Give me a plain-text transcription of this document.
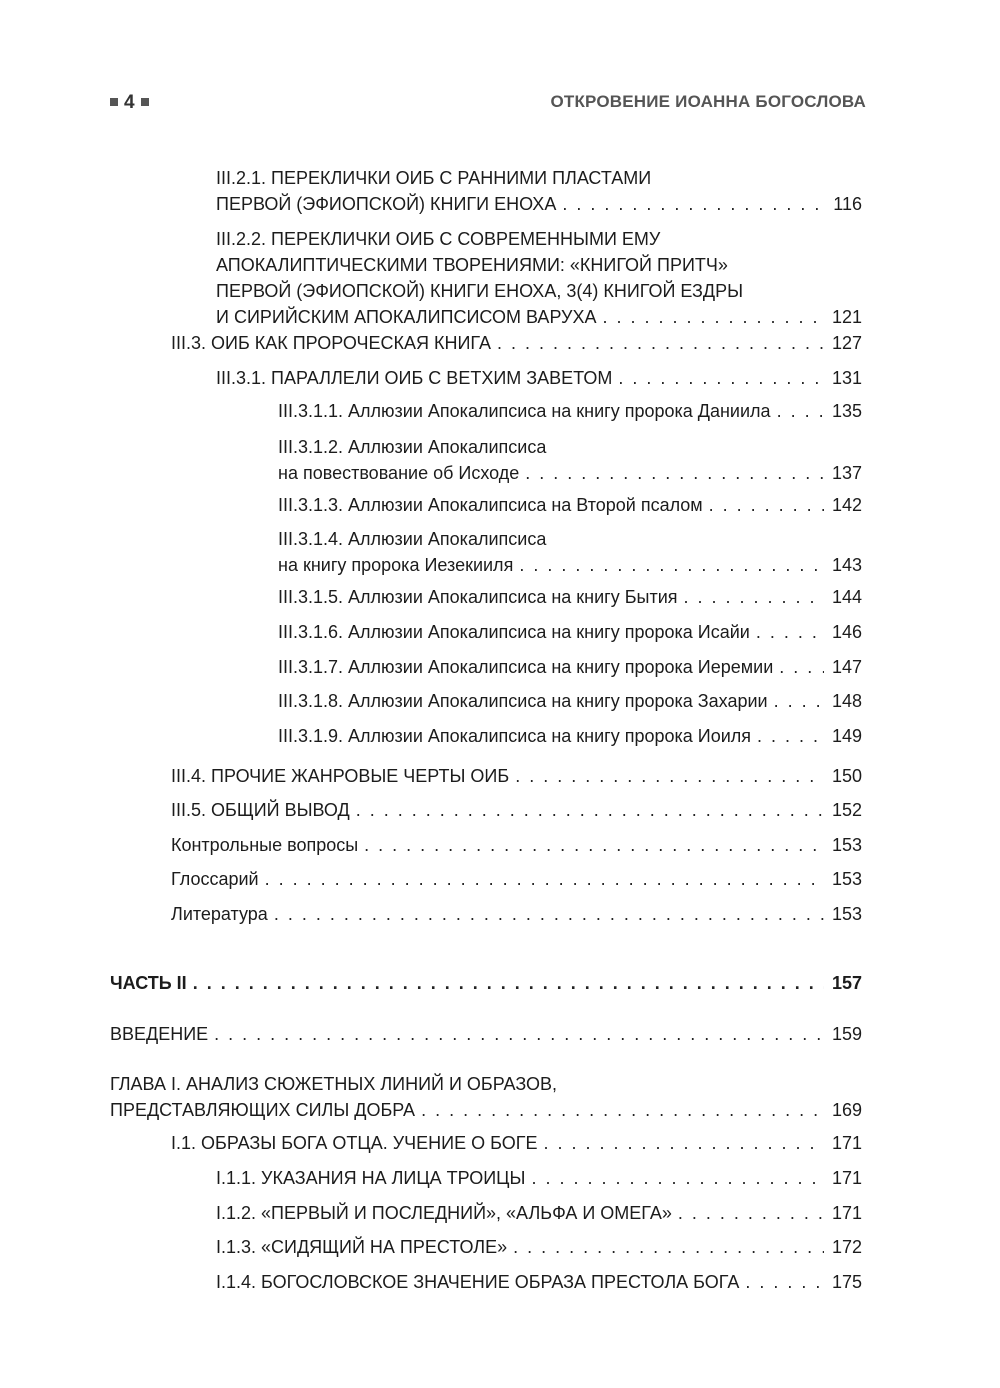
4	ОТКРОВЕНИЕ ИОАННА БОГОСЛОВА
III.2.1. ПЕРЕКЛИЧКИ ОИБ С РАННИМИ ПЛАСТАМИ
ПЕРВОЙ (ЭФИОПСКОЙ) КНИГИ ЕНОХА . . .	116
III.2.2. ПЕРЕКЛИЧКИ ОИБ С СОВРЕМЕННЫМИ ЕМУ
АПОКАЛИПТИЧЕСКИМИ ТВОРЕНИЯМИ: «КНИГОЙ ПРИТЧ»
ПЕРВОЙ (ЭФИОПСКОЙ) КНИГИ ЕНОХА, 3(4) КНИГОЙ ЕЗДРЫ
И СИРИЙСКИМ АПОКАЛИПСИСОМ ВАРУХА . . .	121
III.3. ОИБ КАК ПРОРОЧЕСКАЯ КНИГА . . .	127
III.3.1. ПАРАЛЛЕЛИ ОИБ С ВЕТХИМ ЗАВЕТОМ . . .	131
III.3.1.1. Аллюзии Апокалипсиса на книгу пророка Даниила . . .	135
III.3.1.2. Аллюзии Апокалипсиса
на повествование об Исходе . . .	137
III.3.1.3. Аллюзии Апокалипсиса на Второй псалом . . .	142
III.3.1.4. Аллюзии Апокалипсиса
на книгу пророка Иезекииля . . .	143
III.3.1.5. Аллюзии Апокалипсиса на книгу Бытия . . .	144
III.3.1.6. Аллюзии Апокалипсиса на книгу пророка Исайи . . .	146
III.3.1.7. Аллюзии Апокалипсиса на книгу пророка Иеремии . . .	147
III.3.1.8. Аллюзии Апокалипсиса на книгу пророка Захарии . . .	148
III.3.1.9. Аллюзии Апокалипсиса на книгу пророка Иоиля . . .	149
III.4. ПРОЧИЕ ЖАНРОВЫЕ ЧЕРТЫ ОИБ . . .	150
III.5. ОБЩИЙ ВЫВОД . . .	152
Контрольные вопросы . . .	153
Глоссарий . . .	153
Литература . . .	153
ЧАСТЬ II . . .	157
ВВЕДЕНИЕ . . .	159
ГЛАВА I. АНАЛИЗ СЮЖЕТНЫХ ЛИНИЙ И ОБРАЗОВ,
ПРЕДСТАВЛЯЮЩИХ СИЛЫ ДОБРА . . .	169
I.1. ОБРАЗЫ БОГА ОТЦА. УЧЕНИЕ О БОГЕ . . .	171
I.1.1. УКАЗАНИЯ НА ЛИЦА ТРОИЦЫ . . .	171
I.1.2. «ПЕРВЫЙ И ПОСЛЕДНИЙ», «АЛЬФА И ОМЕГА» . . .	171
I.1.3. «СИДЯЩИЙ НА ПРЕСТОЛЕ» . . .	172
I.1.4. БОГОСЛОВСКОЕ ЗНАЧЕНИЕ ОБРАЗА ПРЕСТОЛА БОГА . . .	175
